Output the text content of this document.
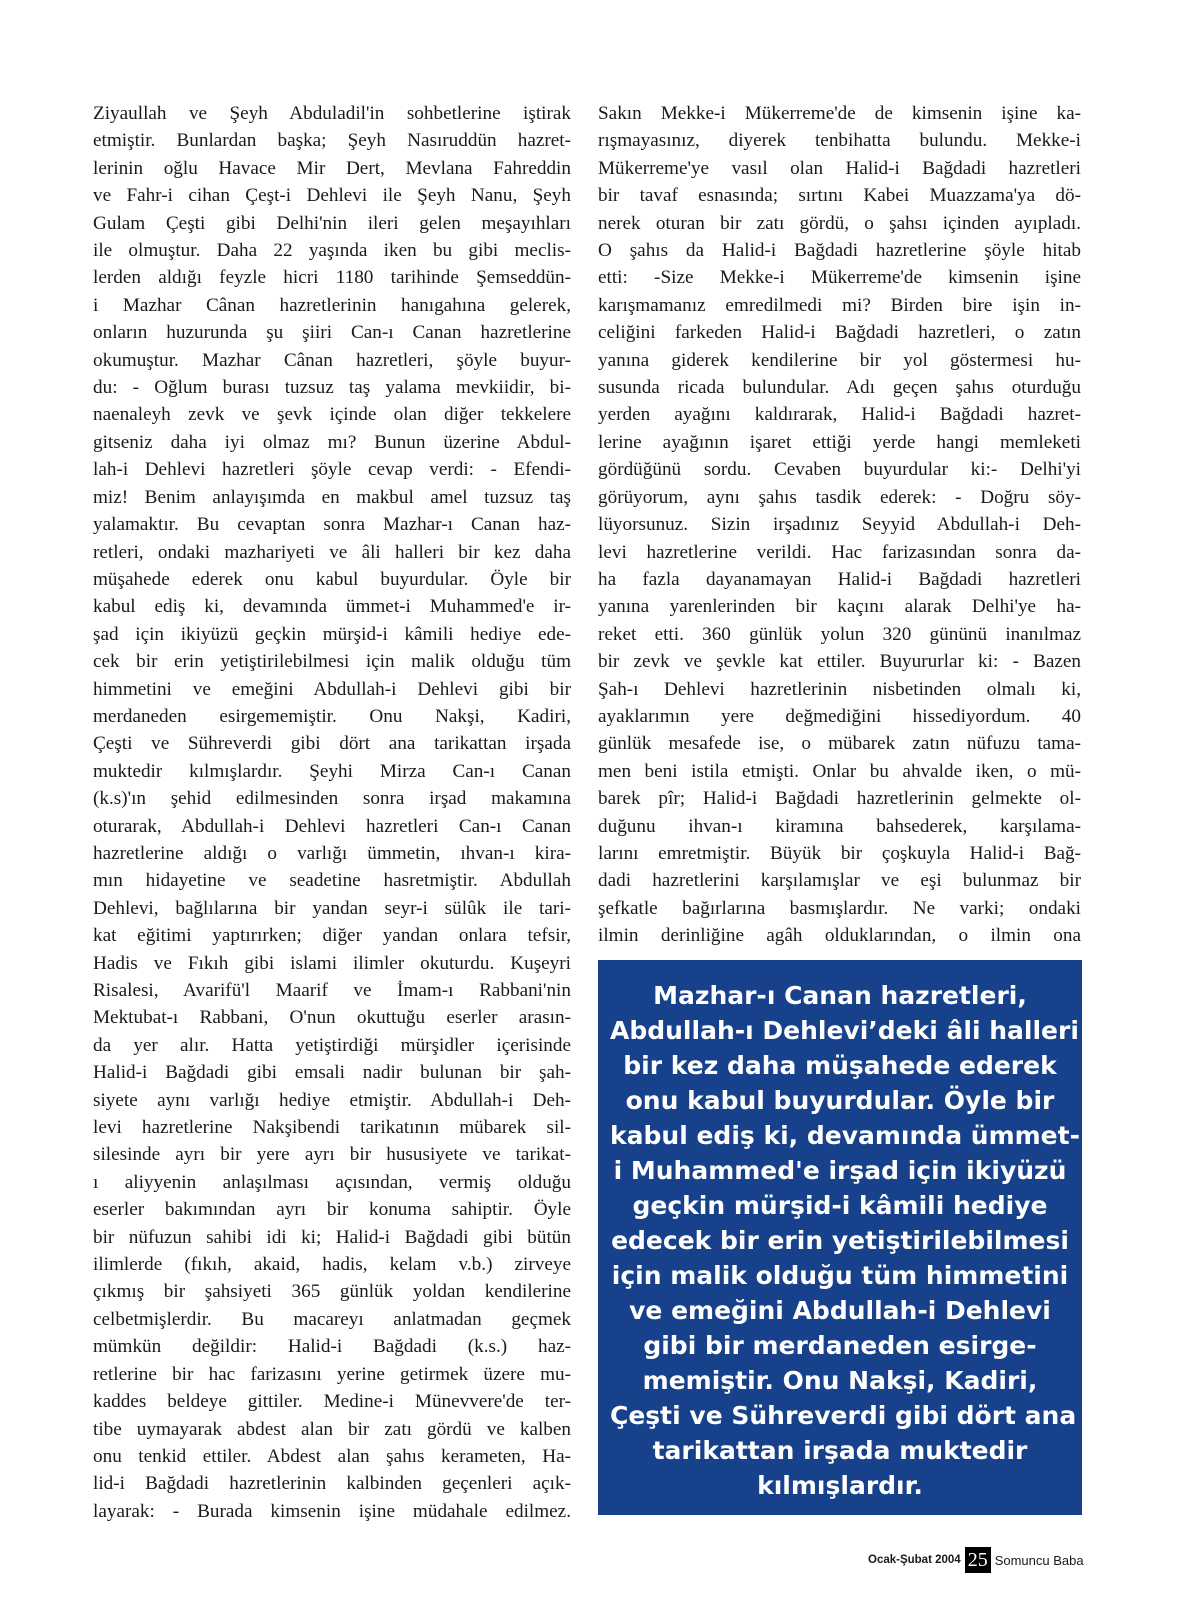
Ziyaullah ve Şeyh Abduladil'in sohbetlerine iştirak
etmiştir. Bunlardan başka; Şeyh Nasıruddün hazret-
lerinin oğlu Havace Mir Dert, Mevlana Fahreddin
ve Fahr-i cihan Çeşt-i Dehlevi ile Şeyh Nanu, Şeyh
Gulam Çeşti gibi Delhi'nin ileri gelen meşayıhları
ile olmuştur. Daha 22 yaşında iken bu gibi meclis-
lerden aldığı feyzle hicri 1180 tarihinde Şemseddün-
i Mazhar Cânan hazretlerinin hanıgahına gelerek,
onların huzurunda şu şiiri Can-ı Canan hazretlerine
okumuştur. Mazhar Cânan hazretleri, şöyle buyur-
du: - Oğlum burası tuzsuz taş yalama mevkiidir, bi-
naenaleyh zevk ve şevk içinde olan diğer tekkelere
gitseniz daha iyi olmaz mı? Bunun üzerine Abdul-
lah-i Dehlevi hazretleri şöyle cevap verdi: - Efendi-
miz! Benim anlayışımda en makbul amel tuzsuz taş
yalamaktır. Bu cevaptan sonra Mazhar-ı Canan haz-
retleri, ondaki mazhariyeti ve âli halleri bir kez daha
müşahede ederek onu kabul buyurdular. Öyle bir
kabul ediş ki, devamında ümmet-i Muhammed'e ir-
şad için ikiyüzü geçkin mürşid-i kâmili hediye ede-
cek bir erin yetiştirilebilmesi için malik olduğu tüm
himmetini ve emeğini Abdullah-i Dehlevi gibi bir
merdaneden esirgememiştir. Onu Nakşi, Kadiri,
Çeşti ve Sühreverdi gibi dört ana tarikattan irşada
muktedir kılmışlardır. Şeyhi Mirza Can-ı Canan
(k.s)'ın şehid edilmesinden sonra irşad makamına
oturarak, Abdullah-i Dehlevi hazretleri Can-ı Canan
hazretlerine aldığı o varlığı ümmetin, ıhvan-ı kira-
mın hidayetine ve seadetine hasretmiştir. Abdullah
Dehlevi, bağlılarına bir yandan seyr-i sülûk ile tari-
kat eğitimi yaptırırken; diğer yandan onlara tefsir,
Hadis ve Fıkıh gibi islami ilimler okuturdu. Kuşeyri
Risalesi, Avarifü'l Maarif ve İmam-ı Rabbani'nin
Mektubat-ı Rabbani, O'nun okuttuğu eserler arasın-
da yer alır. Hatta yetiştirdiği mürşidler içerisinde
Halid-i Bağdadi gibi emsali nadir bulunan bir şah-
siyete aynı varlığı hediye etmiştir. Abdullah-i Deh-
levi hazretlerine Nakşibendi tarikatının mübarek sil-
silesinde ayrı bir yere ayrı bir hususiyete ve tarikat-
ı aliyyenin anlaşılması açısından, vermiş olduğu
eserler bakımından ayrı bir konuma sahiptir. Öyle
bir nüfuzun sahibi idi ki; Halid-i Bağdadi gibi bütün
ilimlerde (fıkıh, akaid, hadis, kelam v.b.) zirveye
çıkmış bir şahsiyeti 365 günlük yoldan kendilerine
celbetmişlerdir. Bu macareyı anlatmadan geçmek
mümkün değildir: Halid-i Bağdadi (k.s.) haz-
retlerine bir hac farizasını yerine getirmek üzere mu-
kaddes beldeye gittiler. Medine-i Münevvere'de ter-
tibe uymayarak abdest alan bir zatı gördü ve kalben
onu tenkid ettiler. Abdest alan şahıs kerameten, Ha-
lid-i Bağdadi hazretlerinin kalbinden geçenleri açık-
layarak: - Burada kimsenin işine müdahale edilmez.
Sakın Mekke-i Mükerreme'de de kimsenin işine ka-
rışmayasınız, diyerek tenbihatta bulundu. Mekke-i
Mükerreme'ye vasıl olan Halid-i Bağdadi hazretleri
bir tavaf esnasında; sırtını Kabei Muazzama'ya dö-
nerek oturan bir zatı gördü, o şahsı içinden ayıpladı.
O şahıs da Halid-i Bağdadi hazretlerine şöyle hitab
etti: -Size Mekke-i Mükerreme'de kimsenin işine
karışmamanız emredilmedi mi? Birden bire işin in-
celiğini farkeden Halid-i Bağdadi hazretleri, o zatın
yanına giderek kendilerine bir yol göstermesi hu-
susunda ricada bulundular. Adı geçen şahıs oturduğu
yerden ayağını kaldırarak, Halid-i Bağdadi hazret-
lerine ayağının işaret ettiği yerde hangi memleketi
gördüğünü sordu. Cevaben buyurdular ki:- Delhi'yi
görüyorum, aynı şahıs tasdik ederek: - Doğru söy-
lüyorsunuz. Sizin irşadınız Seyyid Abdullah-i Deh-
levi hazretlerine verildi. Hac farizasından sonra da-
ha fazla dayanamayan Halid-i Bağdadi hazretleri
yanına yarenlerinden bir kaçını alarak Delhi'ye ha-
reket etti. 360 günlük yolun 320 gününü inanılmaz
bir zevk ve şevkle kat ettiler. Buyururlar ki: - Bazen
Şah-ı Dehlevi hazretlerinin nisbetinden olmalı ki,
ayaklarımın yere değmediğini hissediyordum. 40
günlük mesafede ise, o mübarek zatın nüfuzu tama-
men beni istila etmişti. Onlar bu ahvalde iken, o mü-
barek pîr; Halid-i Bağdadi hazretlerinin gelmekte ol-
duğunu ihvan-ı kiramına bahsederek, karşılama-
larını emretmiştir. Büyük bir çoşkuyla Halid-i Bağ-
dadi hazretlerini karşılamışlar ve eşi bulunmaz bir
şefkatle bağırlarına basmışlardır. Ne varki; ondaki
ilmin derinliğine agâh olduklarından, o ilmin ona
Mazhar-ı Canan hazretleri,
Abdullah-ı Dehlevi’deki âli halleri
bir kez daha müşahede ederek
onu kabul buyurdular. Öyle bir
kabul ediş ki, devamında ümmet-
i Muhammed'e irşad için ikiyüzü
geçkin mürşid-i kâmili hediye
edecek bir erin yetiştirilebilmesi
için malik olduğu tüm himmetini
ve emeğini Abdullah-i Dehlevi
gibi bir merdaneden esirge-
memiştir. Onu Nakşi, Kadiri,
Çeşti ve Sühreverdi gibi dört ana
tarikattan irşada muktedir
kılmışlardır.
Ocak-Şubat 2004 25 Somuncu Baba
